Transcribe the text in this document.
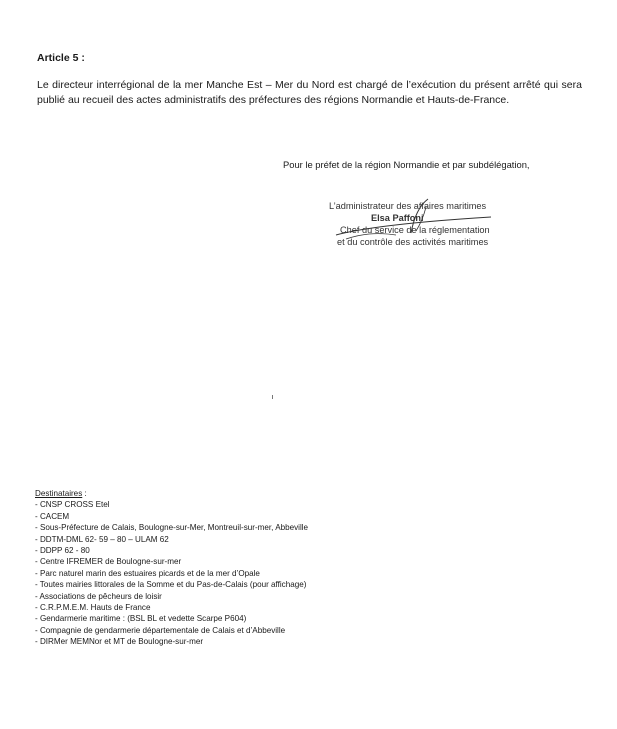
Article 5 :

Le directeur interrégional de la mer Manche Est – Mer du Nord est chargé de l’exécution du présent arrêté qui sera publié au recueil des actes administratifs des préfectures des régions Normandie et Hauts-de-France.

Pour le préfet de la région Normandie et par subdélégation,

L’administrateur des affaires maritimes
Elsa Paffoni
Chef du service de la réglementation
et du contrôle des activités maritimes
Destinataires :
- CNSP CROSS Etel
- CACEM
- Sous-Préfecture de Calais, Boulogne-sur-Mer, Montreuil-sur-mer, Abbeville
- DDTM-DML 62- 59 – 80 – ULAM 62
- DDPP 62 - 80
- Centre IFREMER de Boulogne-sur-mer
- Parc naturel marin des estuaires picards et de la mer d’Opale
- Toutes mairies littorales de la Somme et du Pas-de-Calais (pour affichage)
- Associations de pêcheurs de loisir
- C.R.P.M.E.M. Hauts de France
- Gendarmerie maritime : (BSL BL et vedette Scarpe P604)
- Compagnie de gendarmerie départementale de Calais et d’Abbeville
- DIRMer MEMNor et MT de Boulogne-sur-mer
